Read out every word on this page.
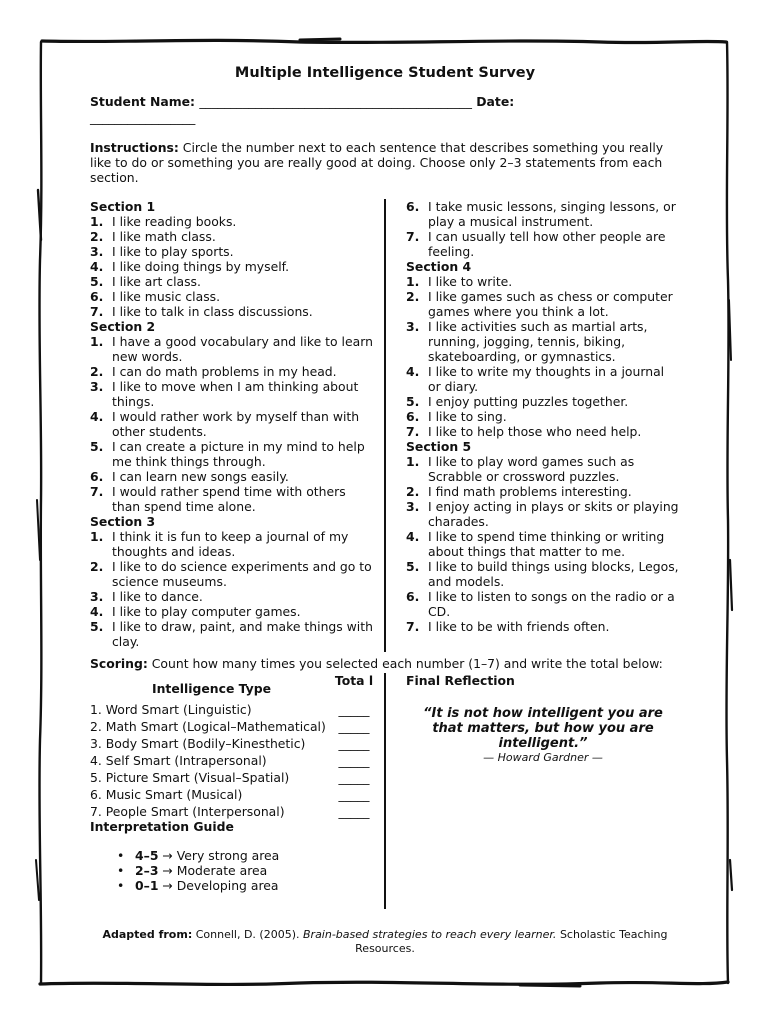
Multiple Intelligence Student Survey
Student Name: ____________________________________________ Date:
_________________
Instructions: Circle the number next to each sentence that describes something you really like to do or something you are really good at doing. Choose only 2–3 statements from each section.
Section 1
1. I like reading books.
2. I like math class.
3. I like to play sports.
4. I like doing things by myself.
5. I like art class.
6. I like music class.
7. I like to talk in class discussions.
Section 2
1. I have a good vocabulary and like to learn new words.
2. I can do math problems in my head.
3. I like to move when I am thinking about things.
4. I would rather work by myself than with other students.
5. I can create a picture in my mind to help me think things through.
6. I can learn new songs easily.
7. I would rather spend time with others than spend time alone.
Section 3
1. I think it is fun to keep a journal of my thoughts and ideas.
2. I like to do science experiments and go to science museums.
3. I like to dance.
4. I like to play computer games.
5. I like to draw, paint, and make things with clay.
6. I take music lessons, singing lessons, or play a musical instrument.
7. I can usually tell how other people are feeling.
Section 4
1. I like to write.
2. I like games such as chess or computer games where you think a lot.
3. I like activities such as martial arts, running, jogging, tennis, biking, skateboarding, or gymnastics.
4. I like to write my thoughts in a journal or diary.
5. I enjoy putting puzzles together.
6. I like to sing.
7. I like to help those who need help.
Section 5
1. I like to play word games such as Scrabble or crossword puzzles.
2. I find math problems interesting.
3. I enjoy acting in plays or skits or playing charades.
4. I like to spend time thinking or writing about things that matter to me.
5. I like to build things using blocks, Legos, and models.
6. I like to listen to songs on the radio or a CD.
7. I like to be with friends often.
Scoring: Count how many times you selected each number (1–7) and write the total below:
Intelligence Type
Tota l
1. Word Smart (Linguistic)	_____
2. Math Smart (Logical–Mathematical)	_____
3. Body Smart (Bodily–Kinesthetic)	_____
4. Self Smart (Intrapersonal)	_____
5. Picture Smart (Visual–Spatial)	_____
6. Music Smart (Musical)	_____
7. People Smart (Interpersonal)	_____
Interpretation Guide
• 4–5 → Very strong area
• 2–3 → Moderate area
• 0–1 → Developing area
Final Reflection
“It is not how intelligent you are that matters, but how you are intelligent.”
— Howard Gardner —
Adapted from: Connell, D. (2005). Brain-based strategies to reach every learner. Scholastic Teaching Resources.
